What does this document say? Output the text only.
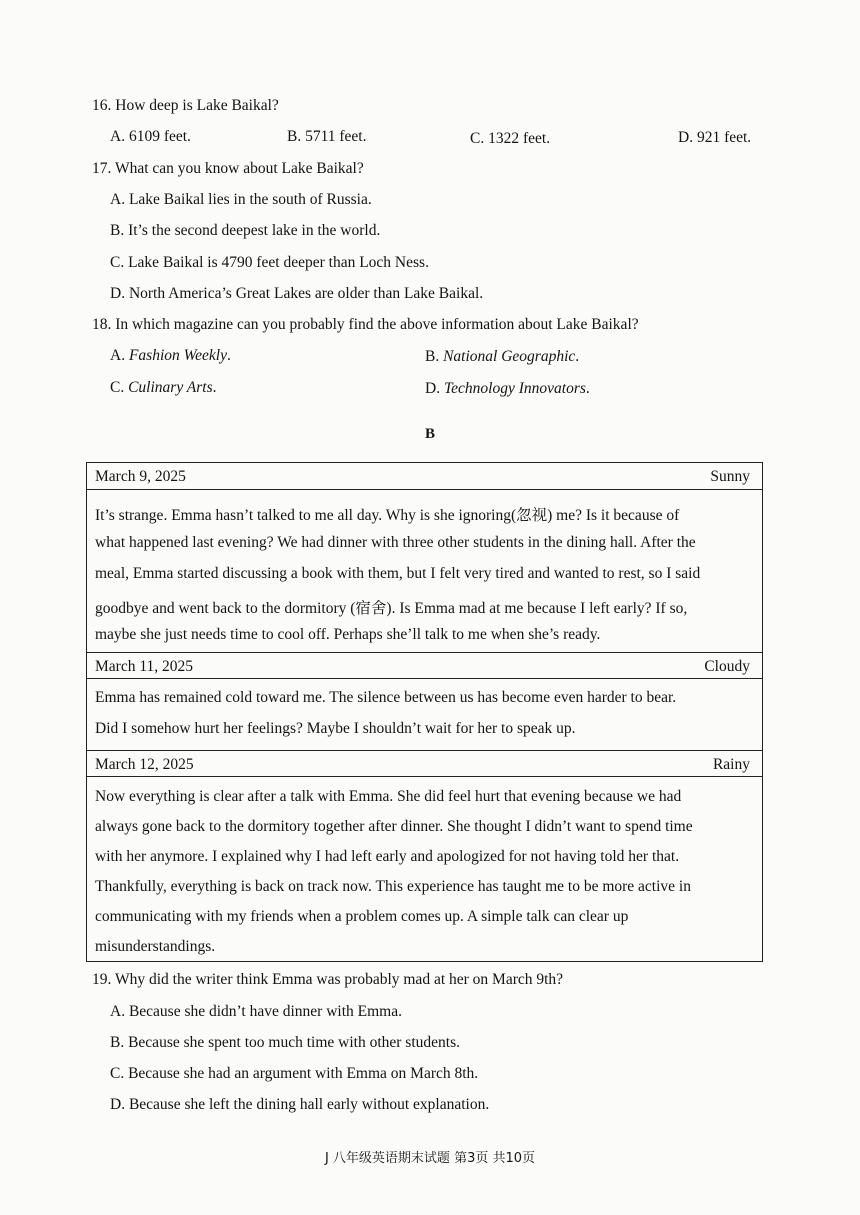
16. How deep is Lake Baikal?
A. 6109 feet.	B. 5711 feet.	C. 1322 feet.	D. 921 feet.
17. What can you know about Lake Baikal?
A. Lake Baikal lies in the south of Russia.
B. It’s the second deepest lake in the world.
C. Lake Baikal is 4790 feet deeper than Loch Ness.
D. North America’s Great Lakes are older than Lake Baikal.
18. In which magazine can you probably find the above information about Lake Baikal?
A. Fashion Weekly.	B. National Geographic.
C. Culinary Arts.	D. Technology Innovators.
B
March 9, 2025	Sunny
It’s strange. Emma hasn’t talked to me all day. Why is she ignoring(忽视) me? Is it because of
what happened last evening? We had dinner with three other students in the dining hall. After the
meal, Emma started discussing a book with them, but I felt very tired and wanted to rest, so I said
goodbye and went back to the dormitory (宿舍). Is Emma mad at me because I left early? If so,
maybe she just needs time to cool off. Perhaps she’ll talk to me when she’s ready.
March 11, 2025	Cloudy
Emma has remained cold toward me. The silence between us has become even harder to bear.
Did I somehow hurt her feelings? Maybe I shouldn’t wait for her to speak up.
March 12, 2025	Rainy
Now everything is clear after a talk with Emma. She did feel hurt that evening because we had
always gone back to the dormitory together after dinner. She thought I didn’t want to spend time
with her anymore. I explained why I had left early and apologized for not having told her that.
Thankfully, everything is back on track now. This experience has taught me to be more active in
communicating with my friends when a problem comes up. A simple talk can clear up
misunderstandings.
19. Why did the writer think Emma was probably mad at her on March 9th?
A. Because she didn’t have dinner with Emma.
B. Because she spent too much time with other students.
C. Because she had an argument with Emma on March 8th.
D. Because she left the dining hall early without explanation.
J 八年级英语期末试题 第3页 共10页
